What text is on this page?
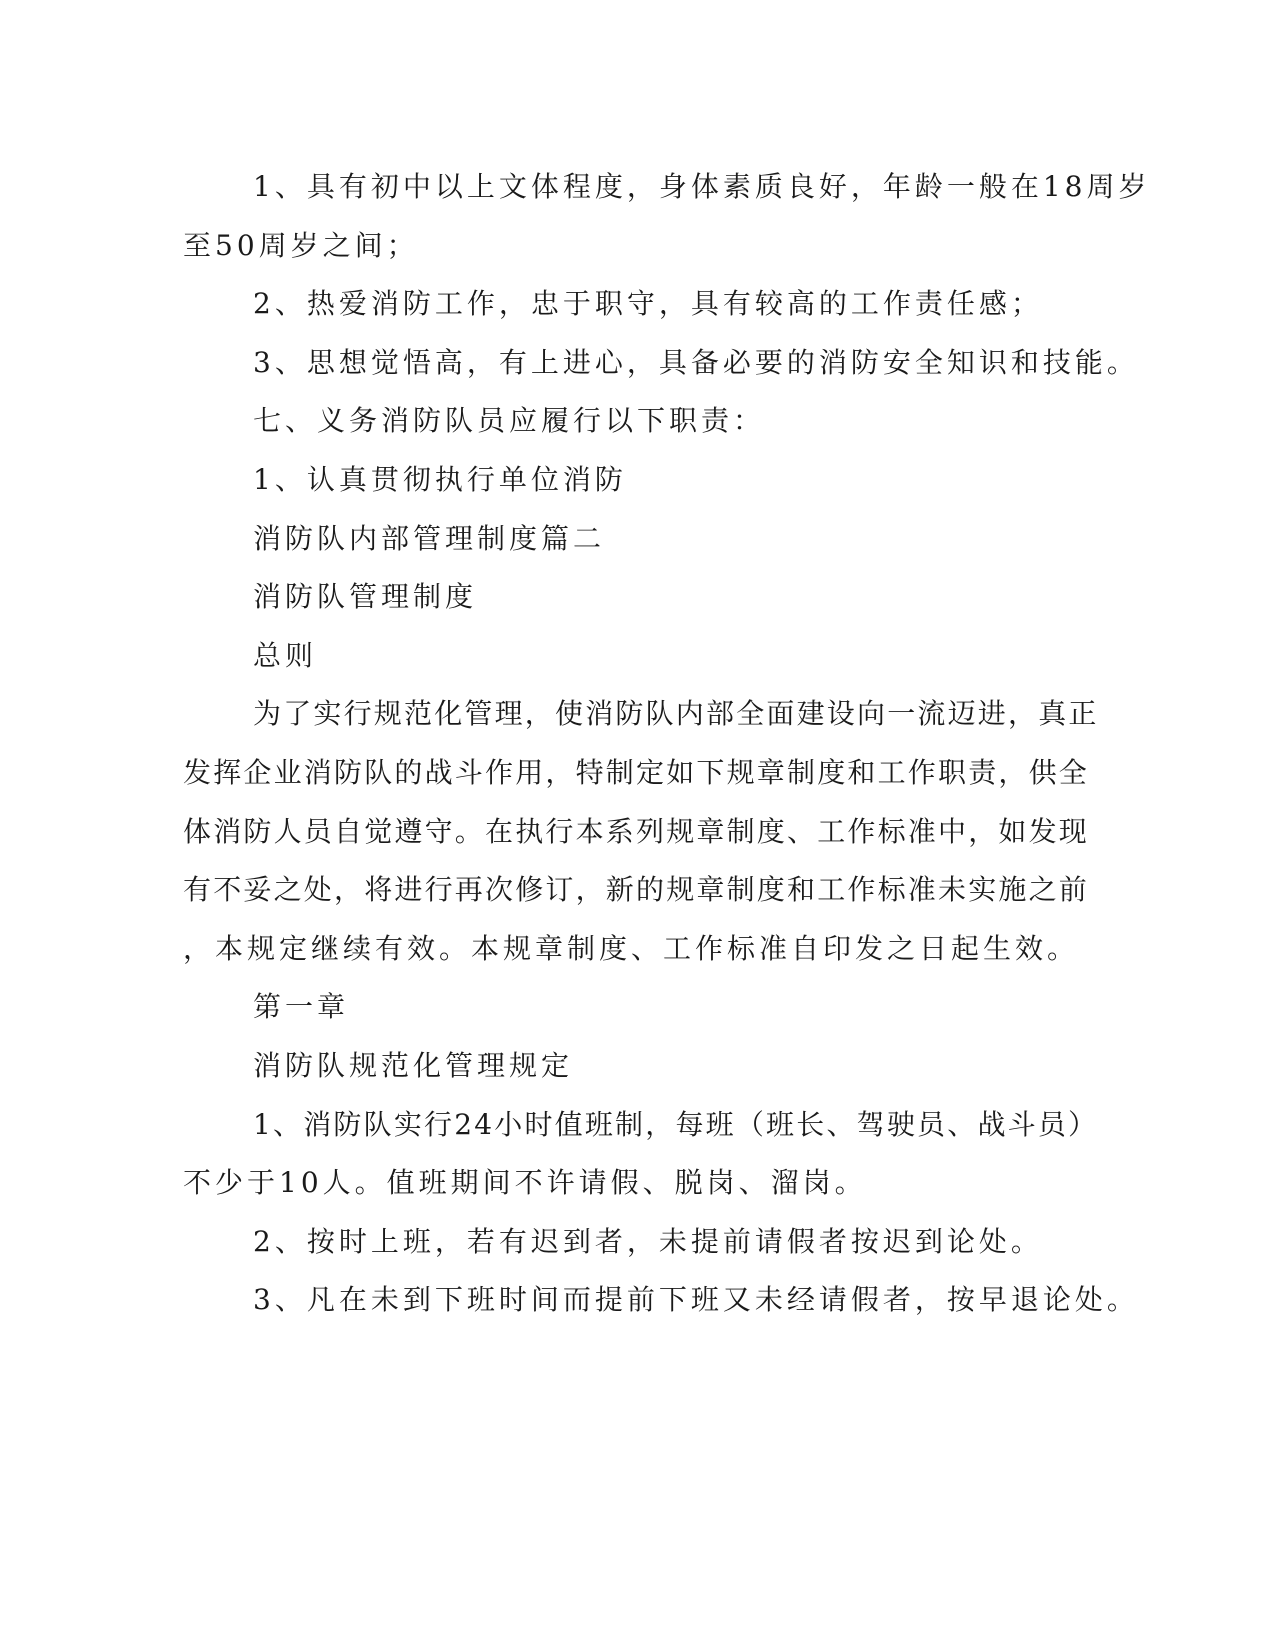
1、具有初中以上文体程度，身体素质良好，年龄一般在18周岁
至50周岁之间；
2、热爱消防工作，忠于职守，具有较高的工作责任感；
3、思想觉悟高，有上进心，具备必要的消防安全知识和技能。
七、义务消防队员应履行以下职责：
1、认真贯彻执行单位消防
消防队内部管理制度篇二
消防队管理制度
总则
为了实行规范化管理，使消防队内部全面建设向一流迈进，真正
发挥企业消防队的战斗作用，特制定如下规章制度和工作职责，供全
体消防人员自觉遵守。在执行本系列规章制度、工作标准中，如发现
有不妥之处，将进行再次修订，新的规章制度和工作标准未实施之前
，本规定继续有效。本规章制度、工作标准自印发之日起生效。
第一章
消防队规范化管理规定
1、消防队实行24小时值班制，每班（班长、驾驶员、战斗员）
不少于10人。值班期间不许请假、脱岗、溜岗。
2、按时上班，若有迟到者，未提前请假者按迟到论处。
3、凡在未到下班时间而提前下班又未经请假者，按早退论处。
